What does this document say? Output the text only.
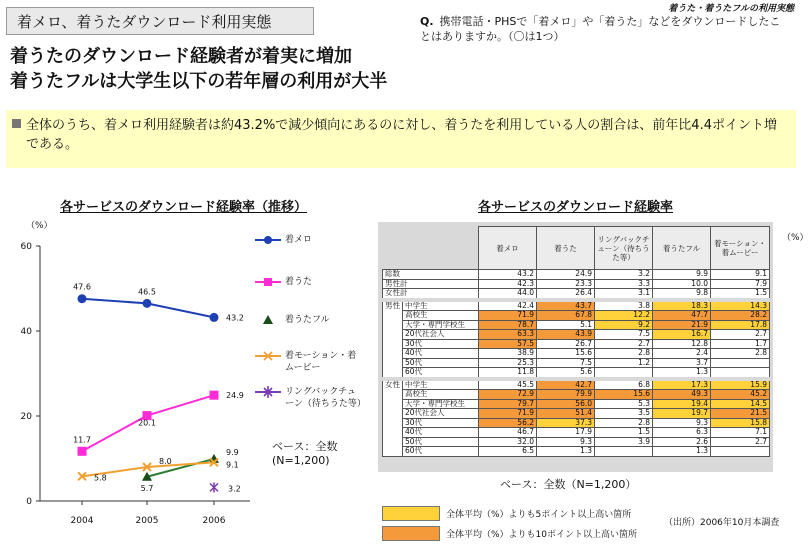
着メロ、着うたダウンロード利用実態
着うた・着うたフルの利用実態
Q. 携帯電話・PHSで「着メロ」や「着うた」などをダウンロードしたことはありますか。（〇は1つ）
着うたのダウンロード経験者が着実に増加
着うたフルは大学生以下の若年層の利用が大半
全体のうち、着メロ利用経験者は約43.2%で減少傾向にあるのに対し、着うたを利用している人の割合は、前年比4.4ポイント増である。
各サービスのダウンロード経験率（推移）
（%）
0
20
40
60
2004	2005	2006
47.6
46.5
43.2
11.7
20.1
24.9
5.7
9.9
5.8
8.0	9.1
3.2
着メロ
着うた
着うたフル
着モーション・着ムービー
リングバックチューン（待ちうた等）
ベース：全数
(N=1,200)
各サービスのダウンロード経験率
（%）
		着メロ	着うた	リングバックチューン（待ちうた等）	着うたフル	着モーション・着ムービー
総数		43.2	24.9	3.2	9.9	9.1
男性計		42.3	23.3	3.3	10.0	7.9
女性計		44.0	26.4	3.1	9.8	1.5
男性	中学生	42.4	43.7	3.8	18.3	14.3
	高校生	71.9	67.8	12.2	47.7	28.2
	大学・専門学校生	78.7	5.1	9.2	21.9	17.8
	20代社会人	63.3	43.9	7.5	16.7	2.7
	30代	57.5	26.7	2.7	12.8	1.7
	40代	38.9	15.6	2.8	2.4	2.8
	50代	25.3	7.5	1.2	3.7	
	60代	11.8	5.6		1.3	
女性	中学生	45.5	42.7	6.8	17.3	15.9
	高校生	72.9	79.9	15.6	49.3	45.2
	大学・専門学校生	79.7	56.0	5.3	19.4	14.5
	20代社会人	71.9	51.4	3.5	19.7	21.5
	30代	56.2	37.3	2.8	9.3	15.8
	40代	46.7	17.9	1.5	6.3	7.1
	50代	32.0	9.3	3.9	2.6	2.7
	60代	6.5	1.3		1.3	
ベース：全数（N=1,200）
全体平均（%）よりも5ポイント以上高い箇所
全体平均（%）よりも10ポイント以上高い箇所
（出所）2006年10月本調査
